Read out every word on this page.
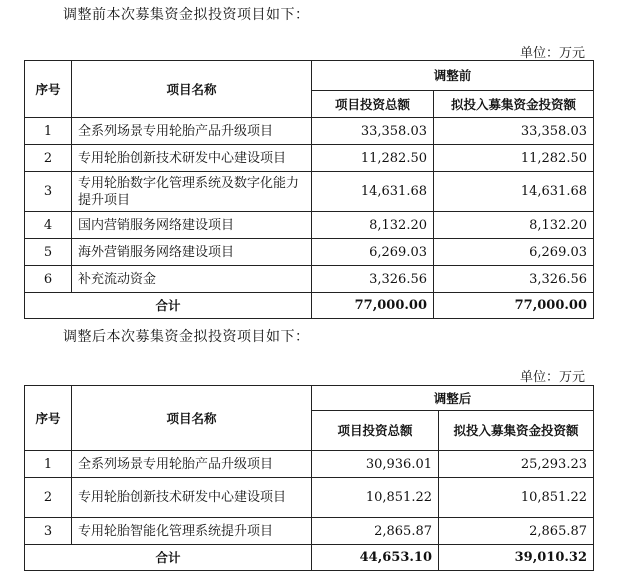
调整前本次募集资金拟投资项目如下：
单位：万元
序号	项目名称	调整前	
		项目投资总额	拟投入募集资金投资额
1	全系列场景专用轮胎产品升级项目	33,358.03	33,358.03
2	专用轮胎创新技术研发中心建设项目	11,282.50	11,282.50
3	专用轮胎数字化管理系统及数字化能力提升项目	14,631.68	14,631.68
4	国内营销服务网络建设项目	8,132.20	8,132.20
5	海外营销服务网络建设项目	6,269.03	6,269.03
6	补充流动资金	3,326.56	3,326.56
合计		77,000.00	77,000.00
调整后本次募集资金拟投资项目如下：
单位：万元
序号	项目名称	调整后	
		项目投资总额	拟投入募集资金投资额
1	全系列场景专用轮胎产品升级项目	30,936.01	25,293.23
2	专用轮胎创新技术研发中心建设项目	10,851.22	10,851.22
3	专用轮胎智能化管理系统提升项目	2,865.87	2,865.87
合计		44,653.10	39,010.32
